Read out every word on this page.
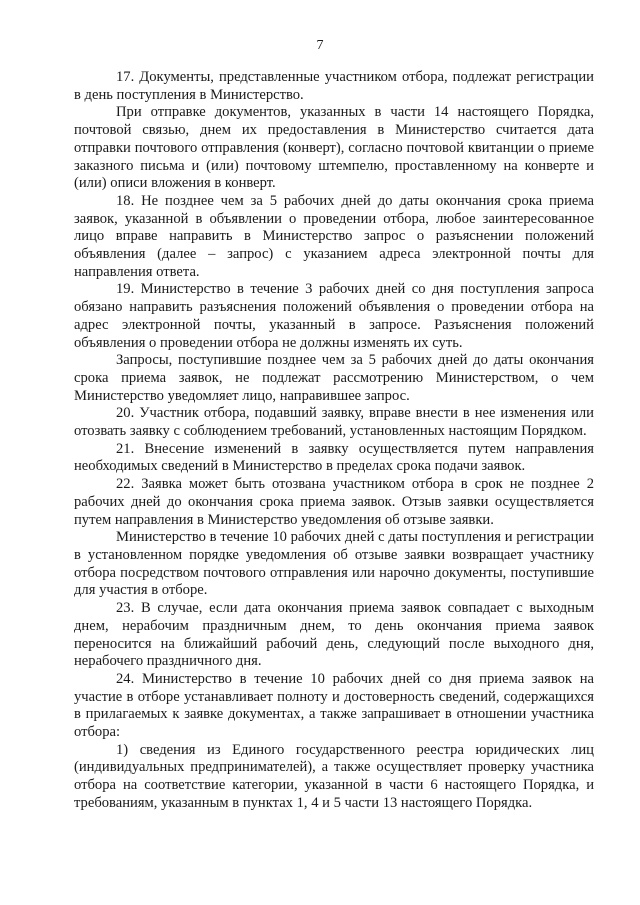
7

17. Документы, представленные участником отбора, подлежат регистрации в день поступления в Министерство.

При отправке документов, указанных в части 14 настоящего Порядка, почтовой связью, днем их предоставления в Министерство считается дата отправки почтового отправления (конверт), согласно почтовой квитанции о приеме заказного письма и (или) почтовому штемпелю, проставленному на конверте и (или) описи вложения в конверт.

18. Не позднее чем за 5 рабочих дней до даты окончания срока приема заявок, указанной в объявлении о проведении отбора, любое заинтересованное лицо вправе направить в Министерство запрос о разъяснении положений объявления (далее – запрос) с указанием адреса электронной почты для направления ответа.

19. Министерство в течение 3 рабочих дней со дня поступления запроса обязано направить разъяснения положений объявления о проведении отбора на адрес электронной почты, указанный в запросе. Разъяснения положений объявления о проведении отбора не должны изменять их суть.

Запросы, поступившие позднее чем за 5 рабочих дней до даты окончания срока приема заявок, не подлежат рассмотрению Министерством, о чем Министерство уведомляет лицо, направившее запрос.

20. Участник отбора, подавший заявку, вправе внести в нее изменения или отозвать заявку с соблюдением требований, установленных настоящим Порядком.

21. Внесение изменений в заявку осуществляется путем направления необходимых сведений в Министерство в пределах срока подачи заявок.

22. Заявка может быть отозвана участником отбора в срок не позднее 2 рабочих дней до окончания срока приема заявок. Отзыв заявки осуществляется путем направления в Министерство уведомления об отзыве заявки.

Министерство в течение 10 рабочих дней с даты поступления и регистрации в установленном порядке уведомления об отзыве заявки возвращает участнику отбора посредством почтового отправления или нарочно документы, поступившие для участия в отборе.

23. В случае, если дата окончания приема заявок совпадает с выходным днем, нерабочим праздничным днем, то день окончания приема заявок переносится на ближайший рабочий день, следующий после выходного дня, нерабочего праздничного дня.

24. Министерство в течение 10 рабочих дней со дня приема заявок на участие в отборе устанавливает полноту и достоверность сведений, содержащихся в прилагаемых к заявке документах, а также запрашивает в отношении участника отбора:

1) сведения из Единого государственного реестра юридических лиц (индивидуальных предпринимателей), а также осуществляет проверку участника отбора на соответствие категории, указанной в части 6 настоящего Порядка, и требованиям, указанным в пунктах 1, 4 и 5 части 13 настоящего Порядка.
